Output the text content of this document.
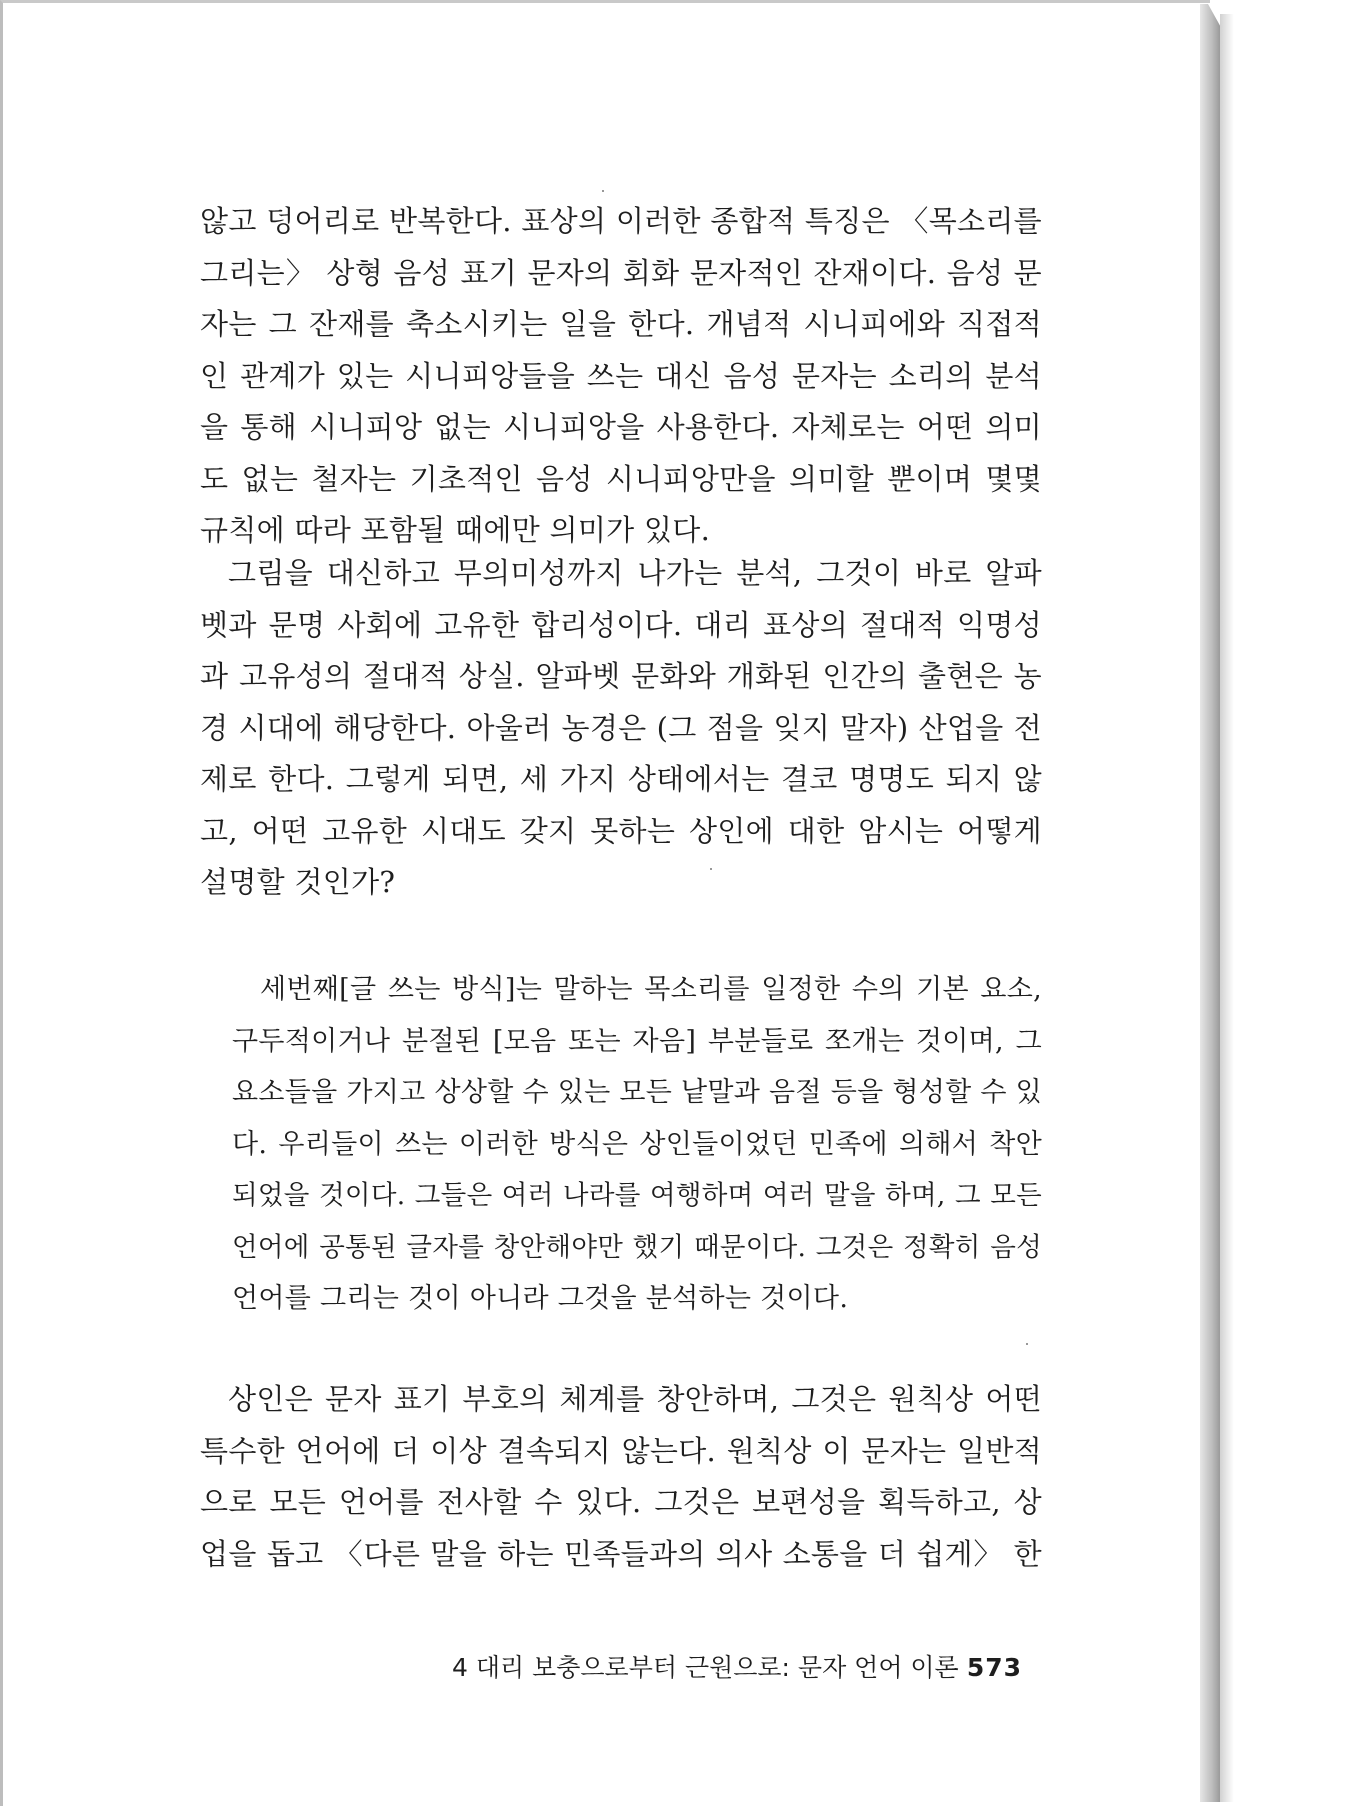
않고 덩어리로 반복한다. 표상의 이러한 종합적 특징은 〈목소리를
그리는〉 상형 음성 표기 문자의 회화 문자적인 잔재이다. 음성 문
자는 그 잔재를 축소시키는 일을 한다. 개념적 시니피에와 직접적
인 관계가 있는 시니피앙들을 쓰는 대신 음성 문자는 소리의 분석
을 통해 시니피앙 없는 시니피앙을 사용한다. 자체로는 어떤 의미
도 없는 철자는 기초적인 음성 시니피앙만을 의미할 뿐이며 몇몇
규칙에 따라 포함될 때에만 의미가 있다.

그림을 대신하고 무의미성까지 나가는 분석, 그것이 바로 알파
벳과 문명 사회에 고유한 합리성이다. 대리 표상의 절대적 익명성
과 고유성의 절대적 상실. 알파벳 문화와 개화된 인간의 출현은 농
경 시대에 해당한다. 아울러 농경은 (그 점을 잊지 말자) 산업을 전
제로 한다. 그렇게 되면, 세 가지 상태에서는 결코 명명도 되지 않
고, 어떤 고유한 시대도 갖지 못하는 상인에 대한 암시는 어떻게
설명할 것인가?

세번째[글 쓰는 방식]는 말하는 목소리를 일정한 수의 기본 요소,
구두적이거나 분절된 [모음 또는 자음] 부분들로 쪼개는 것이며, 그
요소들을 가지고 상상할 수 있는 모든 낱말과 음절 등을 형성할 수 있
다. 우리들이 쓰는 이러한 방식은 상인들이었던 민족에 의해서 착안
되었을 것이다. 그들은 여러 나라를 여행하며 여러 말을 하며, 그 모든
언어에 공통된 글자를 창안해야만 했기 때문이다. 그것은 정확히 음성
언어를 그리는 것이 아니라 그것을 분석하는 것이다.

상인은 문자 표기 부호의 체계를 창안하며, 그것은 원칙상 어떤
특수한 언어에 더 이상 결속되지 않는다. 원칙상 이 문자는 일반적
으로 모든 언어를 전사할 수 있다. 그것은 보편성을 획득하고, 상
업을 돕고 〈다른 말을 하는 민족들과의 의사 소통을 더 쉽게〉 한

4 대리 보충으로부터 근원으로: 문자 언어 이론 573
